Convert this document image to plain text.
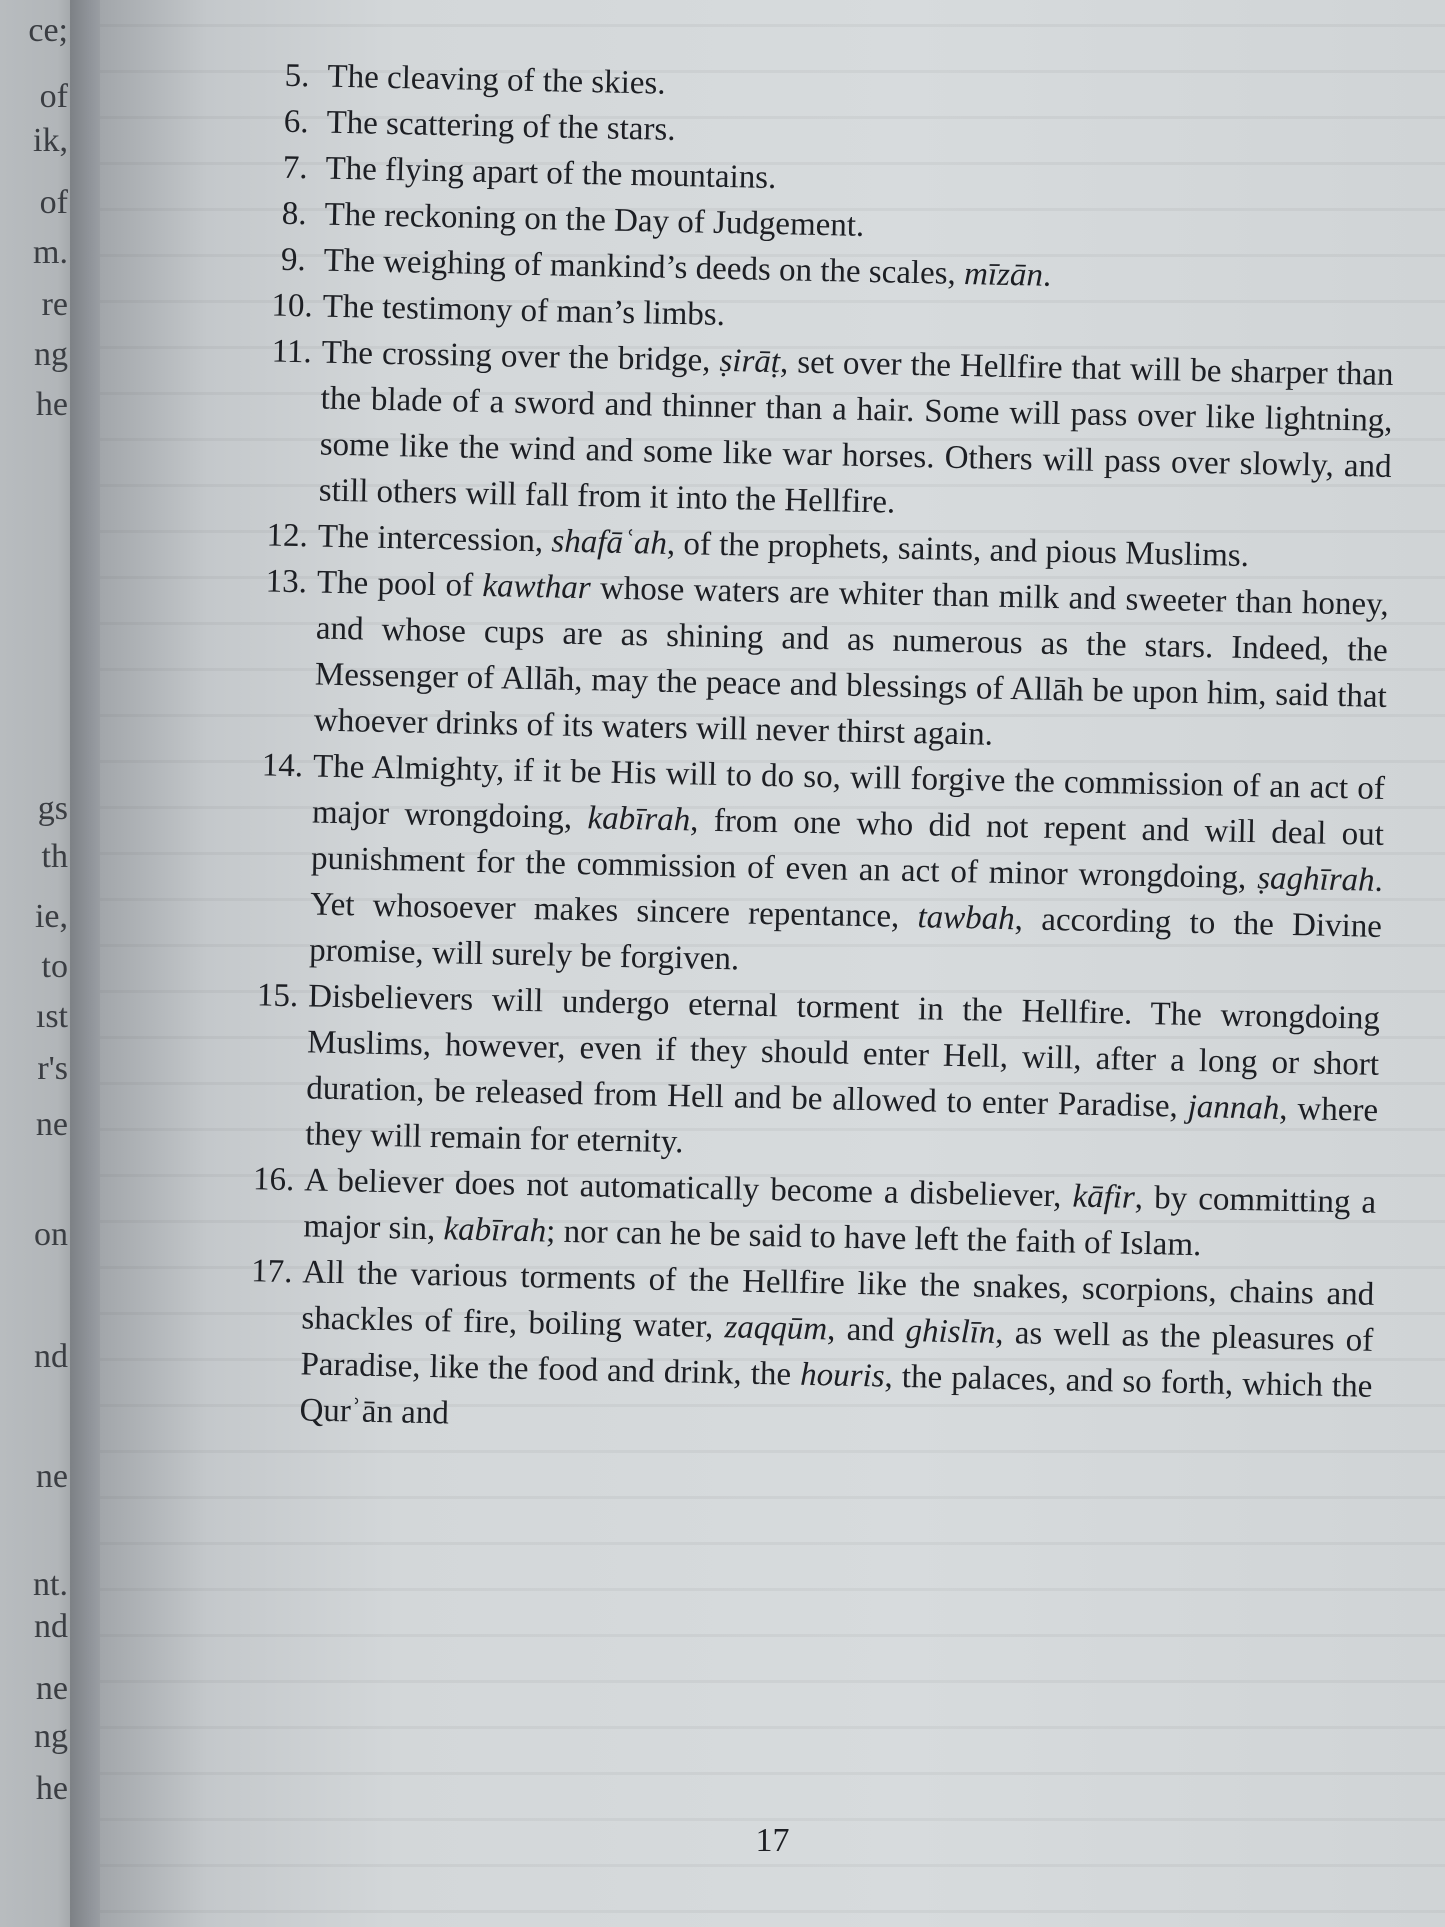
ce;
of
ik,
of
m.
re
ng
he
gs
th
ie,
to
ıst
r's
ne
on
nd
ne
nt.
nd
ne
ng
he
5. The cleaving of the skies.
6. The scattering of the stars.
7. The flying apart of the mountains.
8. The reckoning on the Day of Judgement.
9. The weighing of mankind’s deeds on the scales, mīzān.
10. The testimony of man’s limbs.
11. The crossing over the bridge, ṣirāṭ, set over the Hellfire that will be sharper than the blade of a sword and thinner than a hair. Some will pass over like lightning, some like the wind and some like war horses. Others will pass over slowly, and still others will fall from it into the Hellfire.
12. The intercession, shafāʿah, of the prophets, saints, and pious Muslims.
13. The pool of kawthar whose waters are whiter than milk and sweeter than honey, and whose cups are as shining and as numerous as the stars. Indeed, the Messenger of Allāh, may the peace and blessings of Allāh be upon him, said that whoever drinks of its waters will never thirst again.
14. The Almighty, if it be His will to do so, will forgive the commission of an act of major wrongdoing, kabīrah, from one who did not repent and will deal out punishment for the commission of even an act of minor wrongdoing, ṣaghīrah. Yet whosoever makes sincere repentance, tawbah, according to the Divine promise, will surely be forgiven.
15. Disbelievers will undergo eternal torment in the Hellfire. The wrongdoing Muslims, however, even if they should enter Hell, will, after a long or short duration, be released from Hell and be allowed to enter Paradise, jannah, where they will remain for eternity.
16. A believer does not automatically become a disbeliever, kāfir, by committing a major sin, kabīrah; nor can he be said to have left the faith of Islam.
17. All the various torments of the Hellfire like the snakes, scorpions, chains and shackles of fire, boiling water, zaqqūm, and ghislīn, as well as the pleasures of Paradise, like the food and drink, the houris, the palaces, and so forth, which the Qurʾān and
17
